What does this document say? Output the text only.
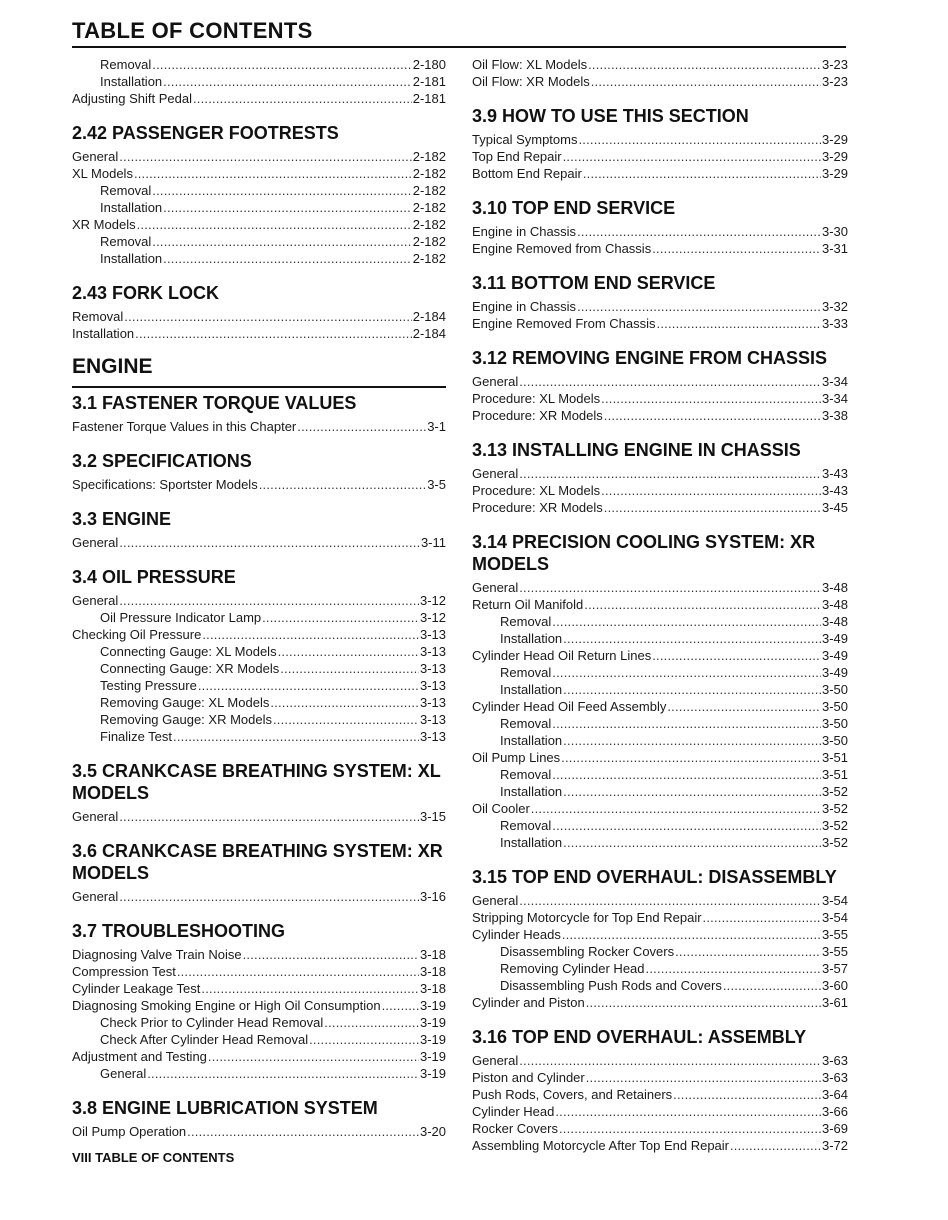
TABLE OF CONTENTS
Removal .....	2-180
Installation .....	2-181
Adjusting Shift Pedal .....	2-181
2.42 PASSENGER FOOTRESTS
General .....	2-182
XL Models .....	2-182
Removal .....	2-182
Installation .....	2-182
XR Models .....	2-182
Removal .....	2-182
Installation .....	2-182
2.43 FORK LOCK
Removal .....	2-184
Installation .....	2-184
ENGINE
3.1 FASTENER TORQUE VALUES
Fastener Torque Values in this Chapter .....	3-1
3.2 SPECIFICATIONS
Specifications: Sportster Models .....	3-5
3.3 ENGINE
General .....	3-11
3.4 OIL PRESSURE
General .....	3-12
Oil Pressure Indicator Lamp .....	3-12
Checking Oil Pressure .....	3-13
Connecting Gauge: XL Models .....	3-13
Connecting Gauge: XR Models .....	3-13
Testing Pressure .....	3-13
Removing Gauge: XL Models .....	3-13
Removing Gauge: XR Models .....	3-13
Finalize Test .....	3-13
3.5 CRANKCASE BREATHING SYSTEM: XL MODELS
General .....	3-15
3.6 CRANKCASE BREATHING SYSTEM: XR MODELS
General .....	3-16
3.7 TROUBLESHOOTING
Diagnosing Valve Train Noise .....	3-18
Compression Test .....	3-18
Cylinder Leakage Test .....	3-18
Diagnosing Smoking Engine or High Oil Consumption .....	3-19
Check Prior to Cylinder Head Removal .....	3-19
Check After Cylinder Head Removal .....	3-19
Adjustment and Testing .....	3-19
General .....	3-19
3.8 ENGINE LUBRICATION SYSTEM
Oil Pump Operation .....	3-20
Oil Flow: XL Models .....	3-23
Oil Flow: XR Models .....	3-23
3.9 HOW TO USE THIS SECTION
Typical Symptoms .....	3-29
Top End Repair .....	3-29
Bottom End Repair .....	3-29
3.10 TOP END SERVICE
Engine in Chassis .....	3-30
Engine Removed from Chassis .....	3-31
3.11 BOTTOM END SERVICE
Engine in Chassis .....	3-32
Engine Removed From Chassis .....	3-33
3.12 REMOVING ENGINE FROM CHASSIS
General .....	3-34
Procedure: XL Models .....	3-34
Procedure: XR Models .....	3-38
3.13 INSTALLING ENGINE IN CHASSIS
General .....	3-43
Procedure: XL Models .....	3-43
Procedure: XR Models .....	3-45
3.14 PRECISION COOLING SYSTEM: XR MODELS
General .....	3-48
Return Oil Manifold .....	3-48
Removal .....	3-48
Installation .....	3-49
Cylinder Head Oil Return Lines .....	3-49
Removal .....	3-49
Installation .....	3-50
Cylinder Head Oil Feed Assembly .....	3-50
Removal .....	3-50
Installation .....	3-50
Oil Pump Lines .....	3-51
Removal .....	3-51
Installation .....	3-52
Oil Cooler .....	3-52
Removal .....	3-52
Installation .....	3-52
3.15 TOP END OVERHAUL: DISASSEMBLY
General .....	3-54
Stripping Motorcycle for Top End Repair .....	3-54
Cylinder Heads .....	3-55
Disassembling Rocker Covers .....	3-55
Removing Cylinder Head .....	3-57
Disassembling Push Rods and Covers .....	3-60
Cylinder and Piston .....	3-61
3.16 TOP END OVERHAUL: ASSEMBLY
General .....	3-63
Piston and Cylinder .....	3-63
Push Rods, Covers, and Retainers .....	3-64
Cylinder Head .....	3-66
Rocker Covers .....	3-69
Assembling Motorcycle After Top End Repair .....	3-72
VIII TABLE OF CONTENTS
